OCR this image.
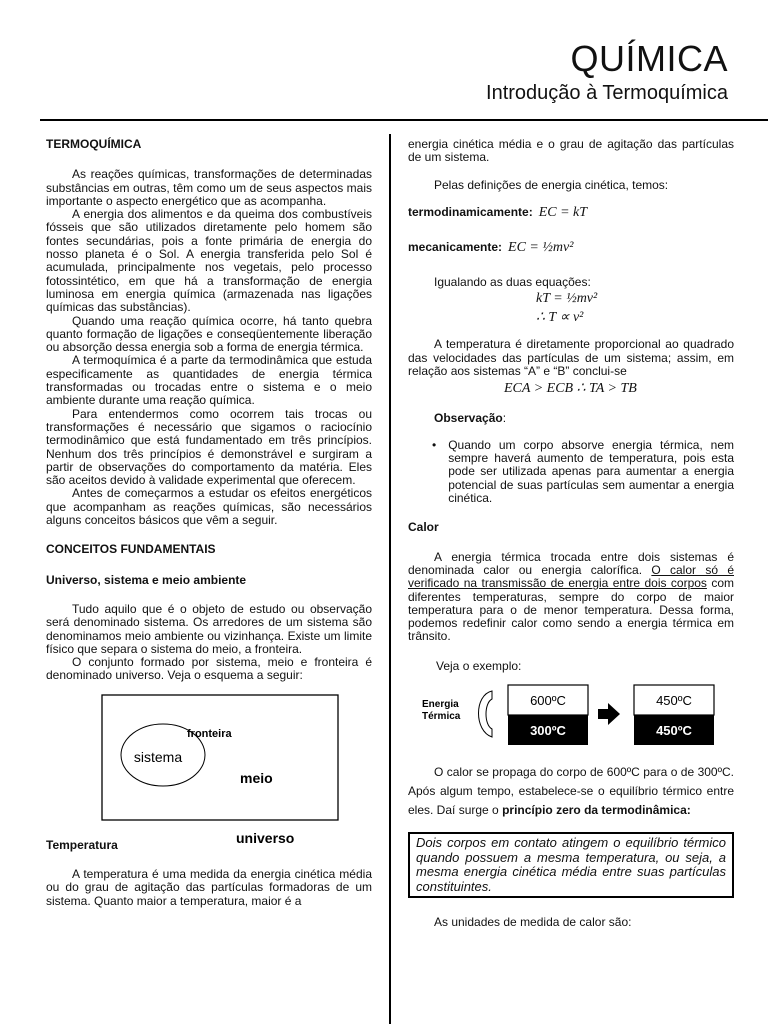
QUÍMICA
Introdução à Termoquímica

TERMOQUÍMICA

As reações químicas, transformações de determinadas substâncias em outras, têm como um de seus aspectos mais importante o aspecto energético que as acompanha.

A energia dos alimentos e da queima dos combustíveis fósseis que são utilizados diretamente pelo homem são fontes secundárias, pois a fonte primária de energia do nosso planeta é o Sol. A energia transferida pelo Sol é acumulada, principalmente nos vegetais, pelo processo fotossintético, em que há a transformação de energia luminosa em energia química (armazenada nas ligações químicas das substâncias).

Quando uma reação química ocorre, há tanto quebra quanto formação de ligações e conseqüentemente liberação ou absorção dessa energia sob a forma de energia térmica.

A termoquímica é a parte da termodinâmica que estuda especificamente as quantidades de energia térmica transformadas ou trocadas entre o sistema e o meio ambiente durante uma reação química.

Para entendermos como ocorrem tais trocas ou transformações é necessário que sigamos o raciocínio termodinâmico que está fundamentado em três princípios. Nenhum dos três princípios é demonstrável e surgiram a partir de observações do comportamento da matéria. Eles são aceitos devido à validade experimental que oferecem.

Antes de começarmos a estudar os efeitos energéticos que acompanham as reações químicas, são necessários alguns conceitos básicos que vêm a seguir.

CONCEITOS FUNDAMENTAIS

Universo, sistema e meio ambiente

Tudo aquilo que é o objeto de estudo ou observação será denominado sistema. Os arredores de um sistema são denominamos meio ambiente ou vizinhança. Existe um limite físico que separa o sistema do meio, a fronteira.

O conjunto formado por sistema, meio e fronteira é denominado universo. Veja o esquema a seguir:

sistema
fronteira
meio
universo

Temperatura

A temperatura é uma medida da energia cinética média ou do grau de agitação das partículas formadoras de um sistema. Quanto maior a temperatura, maior é a

energia cinética média e o grau de agitação das partículas de um sistema.

Pelas definições de energia cinética, temos:

termodinamicamente: EC = kT
mecanicamente: EC = ½mv²

Igualando as duas equações:

kT = ½mv²
∴ T ∝ v²

A temperatura é diretamente proporcional ao quadrado das velocidades das partículas de um sistema; assim, em relação aos sistemas “A” e “B” conclui-se

ECA > ECB ∴ TA > TB

Observação:

• Quando um corpo absorve energia térmica, nem sempre haverá aumento de temperatura, pois esta pode ser utilizada apenas para aumentar a energia potencial de suas partículas sem aumentar a energia cinética.

Calor

A energia térmica trocada entre dois sistemas é denominada calor ou energia calorífica. O calor só é verificado na transmissão de energia entre dois corpos com diferentes temperaturas, sempre do corpo de maior temperatura para o de menor temperatura. Dessa forma, podemos redefinir calor como sendo a energia térmica em trânsito.

Veja o exemplo:

Energia
Térmica
600ºC
300ºC
450ºC
450ºC

O calor se propaga do corpo de 600ºC para o de 300ºC. Após algum tempo, estabelece-se o equilíbrio térmico entre eles. Daí surge o princípio zero da termodinâmica:

Dois corpos em contato atingem o equilíbrio térmico quando possuem a mesma temperatura, ou seja, a mesma energia cinética média entre suas partículas constituintes.

As unidades de medida de calor são:
